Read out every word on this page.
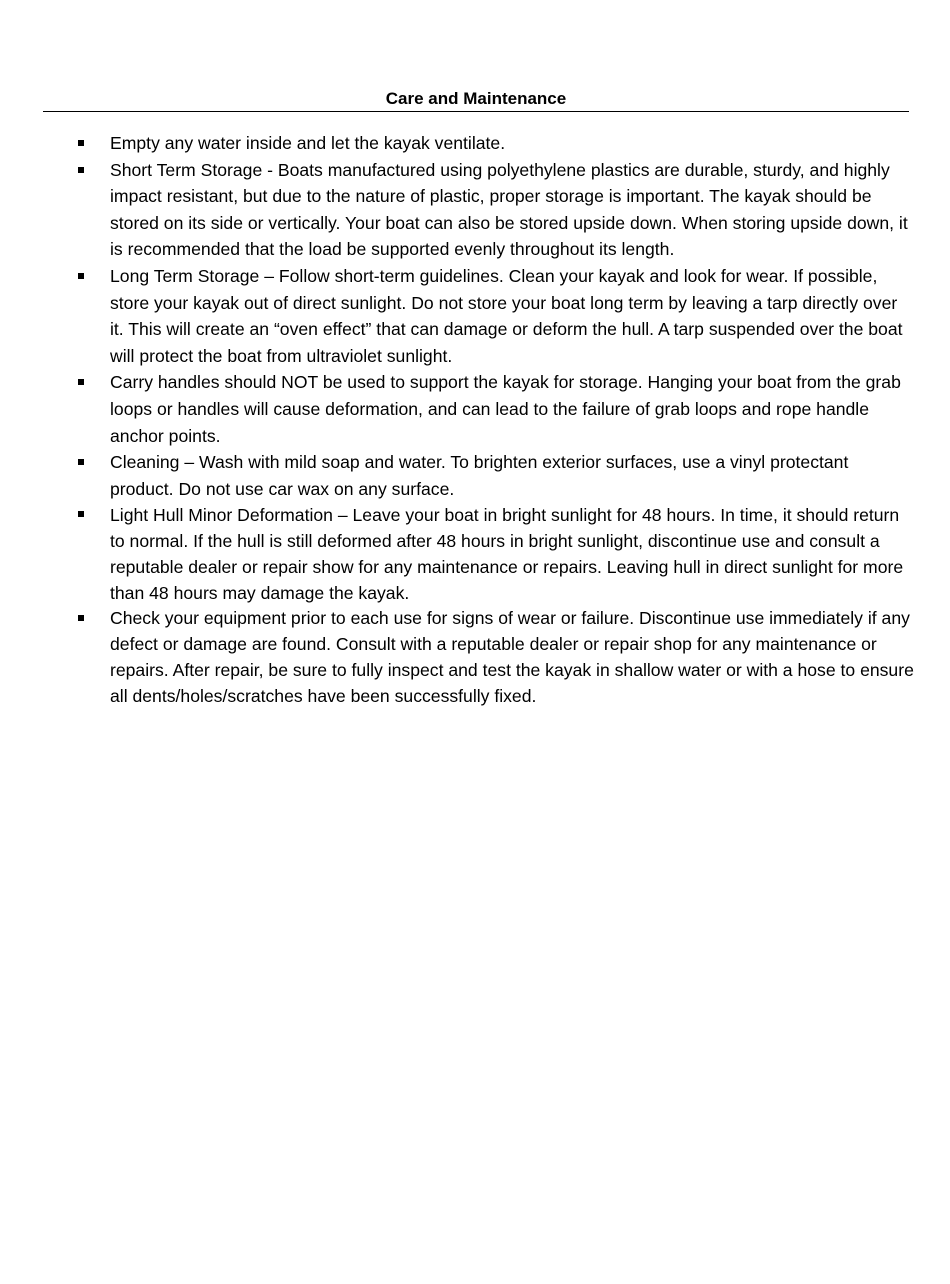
Care and Maintenance
Empty any water inside and let the kayak ventilate.
Short Term Storage - Boats manufactured using polyethylene plastics are durable, sturdy, and highly impact resistant, but due to the nature of plastic, proper storage is important. The kayak should be stored on its side or vertically. Your boat can also be stored upside down. When storing upside down, it is recommended that the load be supported evenly throughout its length.
Long Term Storage – Follow short-term guidelines. Clean your kayak and look for wear. If possible, store your kayak out of direct sunlight. Do not store your boat long term by leaving a tarp directly over it. This will create an “oven effect” that can damage or deform the hull. A tarp suspended over the boat will protect the boat from ultraviolet sunlight.
Carry handles should NOT be used to support the kayak for storage. Hanging your boat from the grab loops or handles will cause deformation, and can lead to the failure of grab loops and rope handle anchor points.
Cleaning – Wash with mild soap and water. To brighten exterior surfaces, use a vinyl protectant product. Do not use car wax on any surface.
Light Hull Minor Deformation – Leave your boat in bright sunlight for 48 hours. In time, it should return to normal. If the hull is still deformed after 48 hours in bright sunlight, discontinue use and consult a reputable dealer or repair show for any maintenance or repairs. Leaving hull in direct sunlight for more than 48 hours may damage the kayak.
Check your equipment prior to each use for signs of wear or failure. Discontinue use immediately if any defect or damage are found. Consult with a reputable dealer or repair shop for any maintenance or repairs. After repair, be sure to fully inspect and test the kayak in shallow water or with a hose to ensure all dents/holes/scratches have been successfully fixed.
